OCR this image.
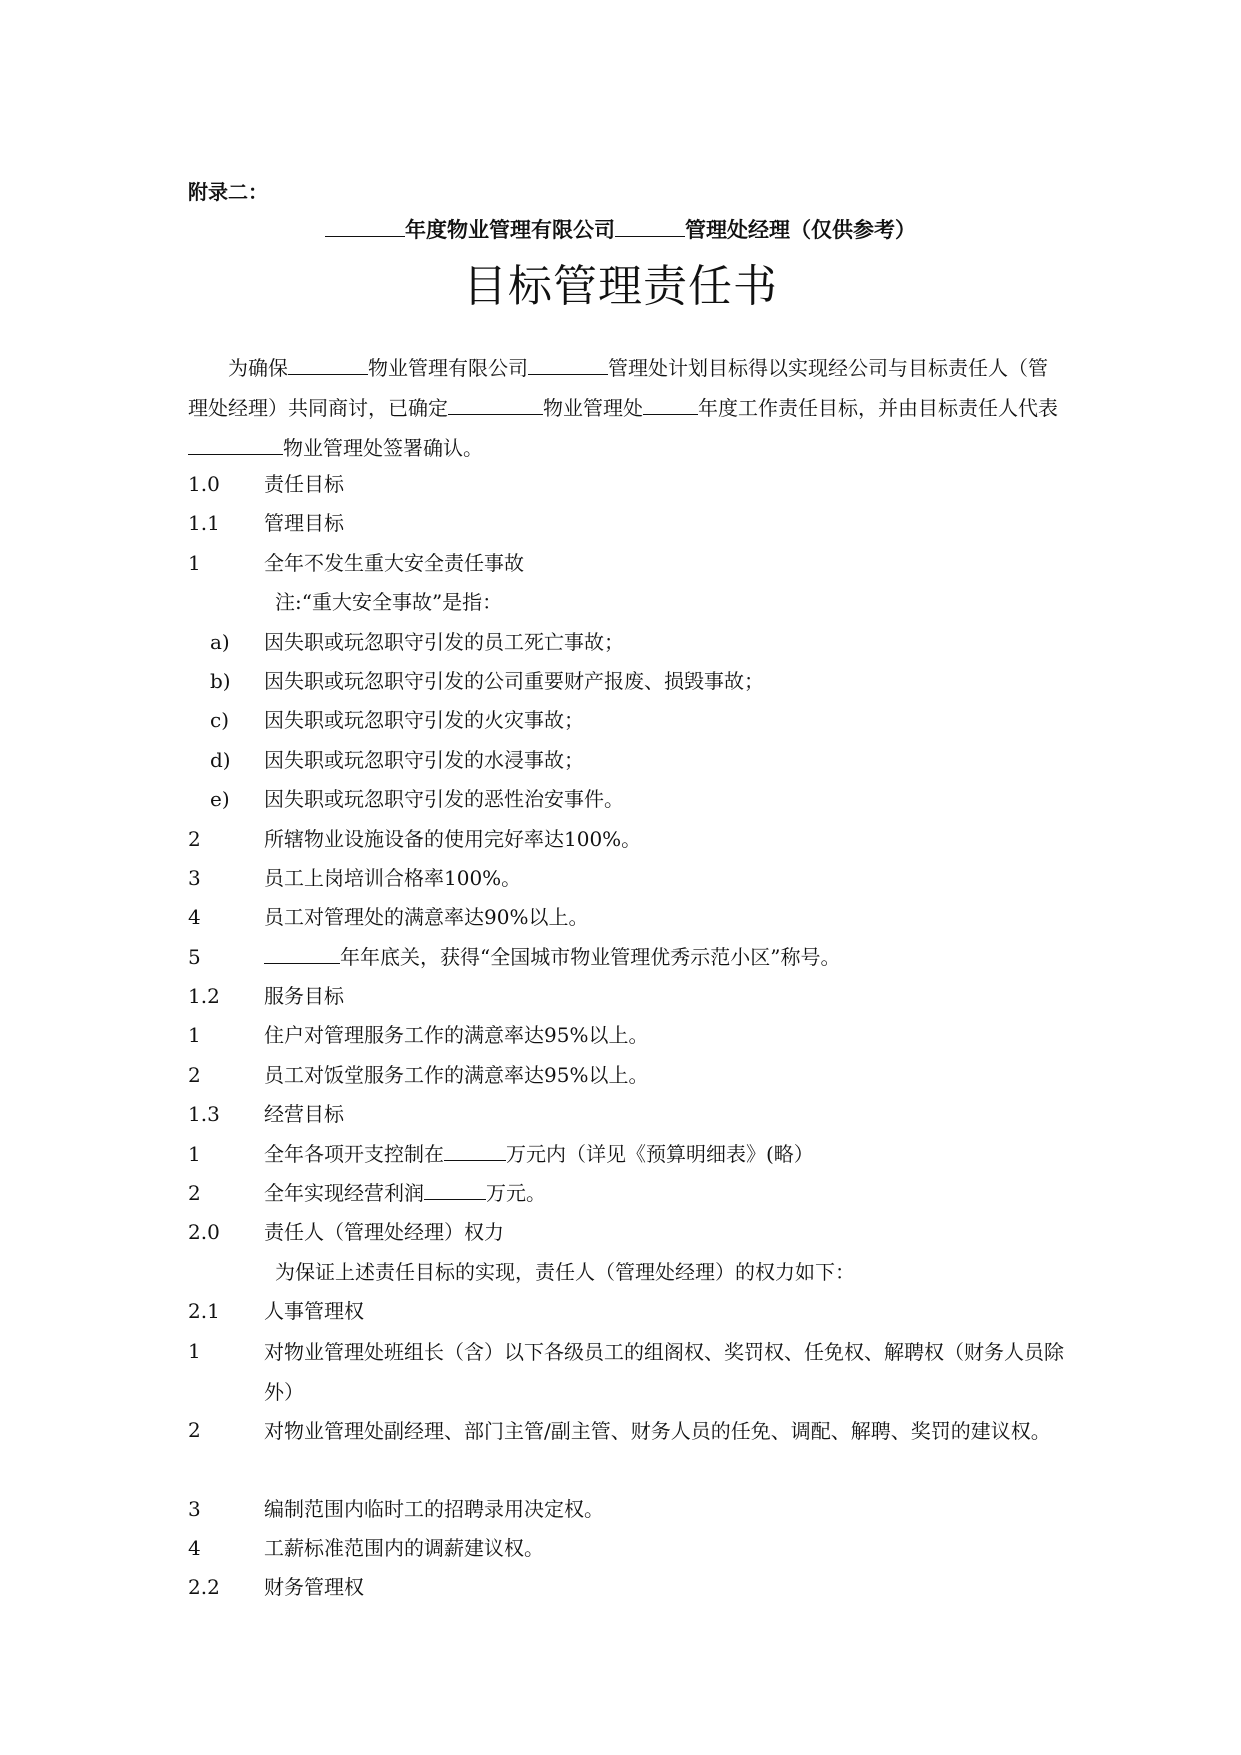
附录二：
年度物业管理有限公司	管理处经理（仅供参考）
目标管理责任书

为确保	物业管理有限公司	管理处计划目标得以实现经公司与目标责任人（管理处经理）共同商讨，已确定	物业管理处	年度工作责任目标，并由目标责任人代表物业管理处签署确认。

1.0 责任目标
1.1 管理目标
1	全年不发生重大安全责任事故
注:“重大安全事故”是指：
a) 因失职或玩忽职守引发的员工死亡事故；
b) 因失职或玩忽职守引发的公司重要财产报废、损毁事故；
c) 因失职或玩忽职守引发的火灾事故；
d) 因失职或玩忽职守引发的水浸事故；
e) 因失职或玩忽职守引发的恶性治安事件。
2	所辖物业设施设备的使用完好率达100%。
3	员工上岗培训合格率100%。
4	员工对管理处的满意率达90%以上。
5	年年底关，获得“全国城市物业管理优秀示范小区”称号。
1.2 服务目标
1	住户对管理服务工作的满意率达95%以上。
2	员工对饭堂服务工作的满意率达95%以上。
1.3 经营目标
1	全年各项开支控制在	万元内（详见《预算明细表》(略）
2	全年实现经营利润	万元。
2.0 责任人（管理处经理）权力
为保证上述责任目标的实现，责任人（管理处经理）的权力如下：
2.1 人事管理权
1	对物业管理处班组长（含）以下各级员工的组阁权、奖罚权、任免权、解聘权（财务人员除外）
2	对物业管理处副经理、部门主管/副主管、财务人员的任免、调配、解聘、奖罚的建议权。
3	编制范围内临时工的招聘录用决定权。
4	工薪标准范围内的调薪建议权。
2.2 财务管理权
